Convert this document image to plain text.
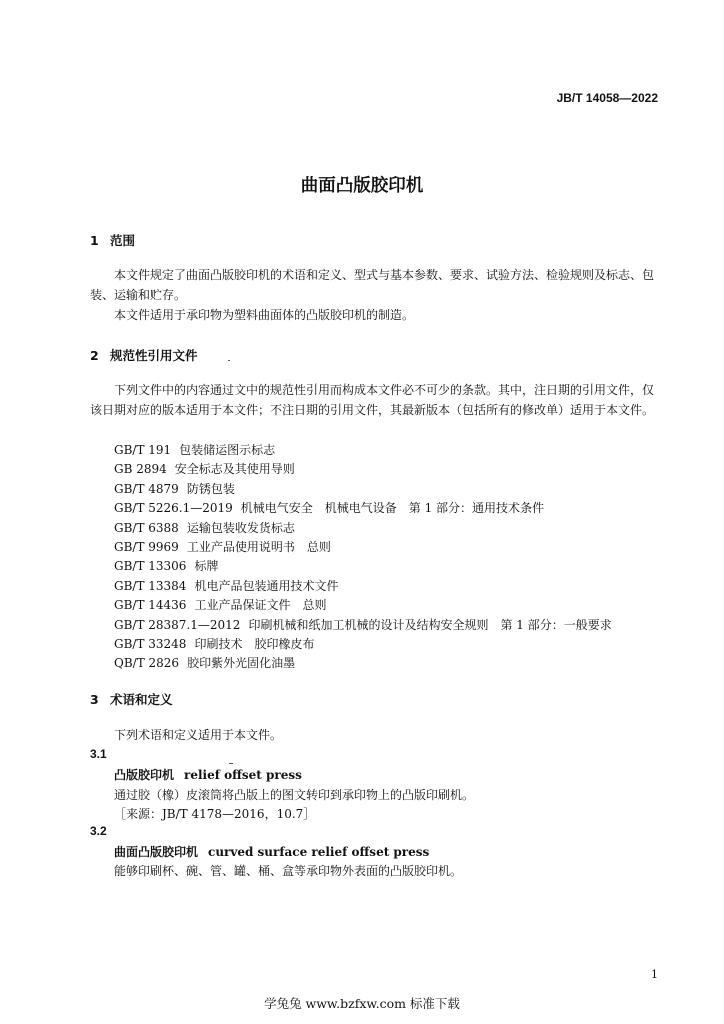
JB/T 14058—2022
曲面凸版胶印机
1 范围

本文件规定了曲面凸版胶印机的术语和定义、型式与基本参数、要求、试验方法、检验规则及标志、包装、运输和贮存。

本文件适用于承印物为塑料曲面体的凸版胶印机的制造。

2 规范性引用文件

下列文件中的内容通过文中的规范性引用而构成本文件必不可少的条款。其中，注日期的引用文件，仅该日期对应的版本适用于本文件；不注日期的引用文件，其最新版本（包括所有的修改单）适用于本文件。

GB/T 191 包装储运图示标志
GB 2894 安全标志及其使用导则
GB/T 4879 防锈包装
GB/T 5226.1—2019 机械电气安全　机械电气设备　第 1 部分：通用技术条件
GB/T 6388 运输包装收发货标志
GB/T 9969 工业产品使用说明书　总则
GB/T 13306 标牌
GB/T 13384 机电产品包装通用技术文件
GB/T 14436 工业产品保证文件　总则
GB/T 28387.1—2012 印刷机械和纸加工机械的设计及结构安全规则　第 1 部分：一般要求
GB/T 33248 印刷技术　胶印橡皮布
QB/T 2826 胶印紫外光固化油墨
3 术语和定义
下列术语和定义适用于本文件。
3.1
凸版胶印机 relief offset press
通过胶（橡）皮滚筒将凸版上的图文转印到承印物上的凸版印刷机。
［来源：JB/T 4178—2016，10.7］
3.2
曲面凸版胶印机 curved surface relief offset press
能够印刷杯、碗、管、罐、桶、盒等承印物外表面的凸版胶印机。
1
学兔兔 www.bzfxw.com 标准下载
